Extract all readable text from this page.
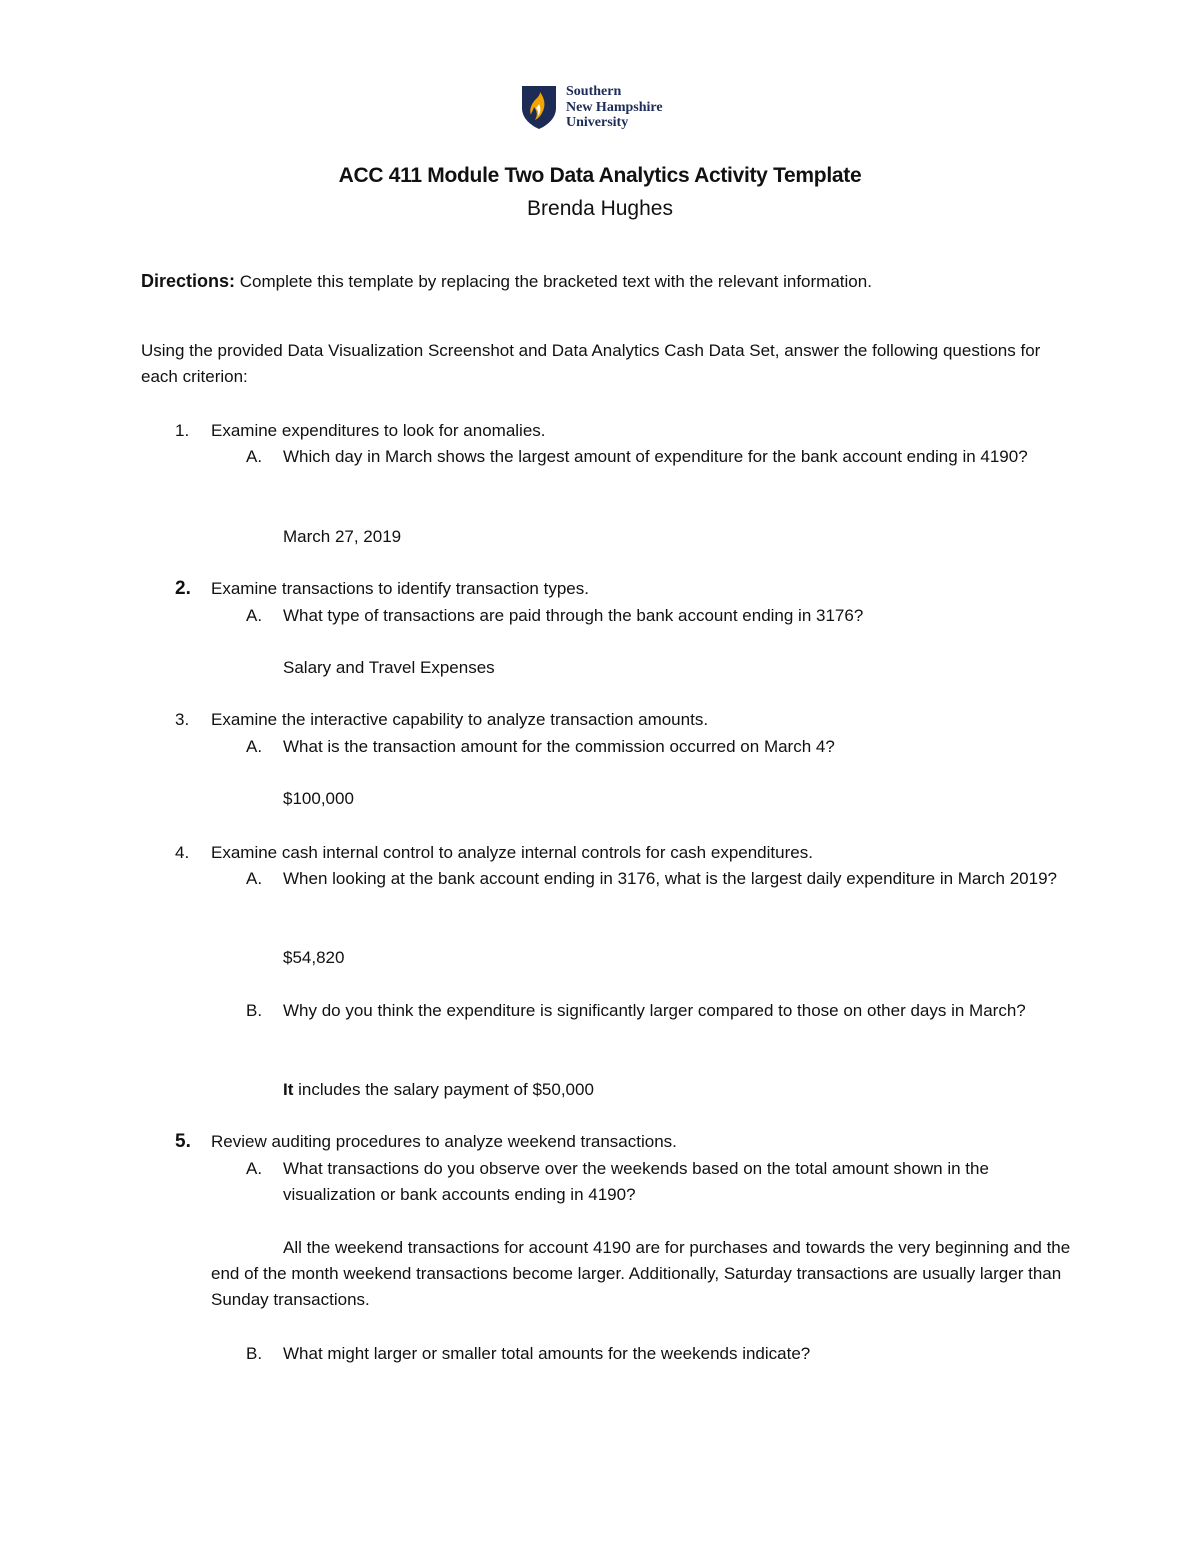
Southern
New Hampshire
University
ACC 411 Module Two Data Analytics Activity Template
Brenda Hughes
Directions: Complete this template by replacing the bracketed text with the relevant information.
Using the provided Data Visualization Screenshot and Data Analytics Cash Data Set, answer the following questions for each criterion:
1. Examine expenditures to look for anomalies.
A. Which day in March shows the largest amount of expenditure for the bank account ending in 4190?
March 27, 2019
2. Examine transactions to identify transaction types.
A. What type of transactions are paid through the bank account ending in 3176?
Salary and Travel Expenses
3. Examine the interactive capability to analyze transaction amounts.
A. What is the transaction amount for the commission occurred on March 4?
$100,000
4. Examine cash internal control to analyze internal controls for cash expenditures.
A. When looking at the bank account ending in 3176, what is the largest daily expenditure in March 2019?
$54,820
B. Why do you think the expenditure is significantly larger compared to those on other days in March?
It includes the salary payment of $50,000
5. Review auditing procedures to analyze weekend transactions.
A. What transactions do you observe over the weekends based on the total amount shown in the visualization or bank accounts ending in 4190?
All the weekend transactions for account 4190 are for purchases and towards the very beginning and the end of the month weekend transactions become larger. Additionally, Saturday transactions are usually larger than Sunday transactions.
B. What might larger or smaller total amounts for the weekends indicate?
